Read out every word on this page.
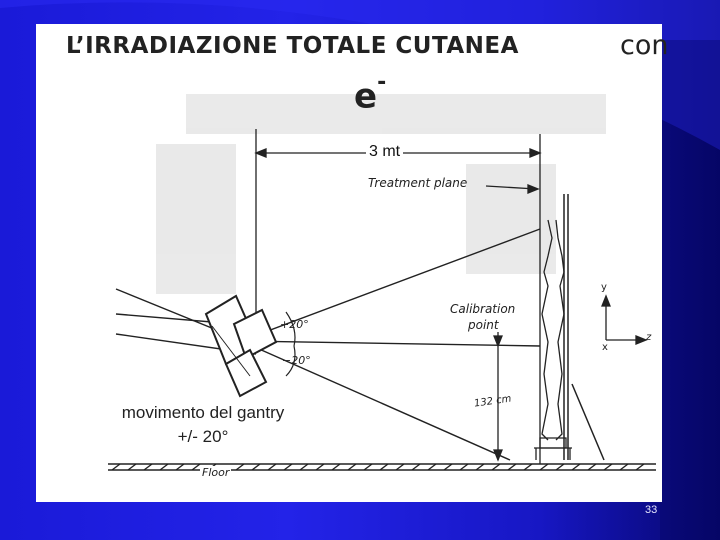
L’IRRADIAZIONE TOTALE CUTANEA	con
e-
3 mt
Treatment plane
Calibration
point
+20°
−20°
132 cm
Floor
y
z
x
movimento del gantry
+/- 20°
33
